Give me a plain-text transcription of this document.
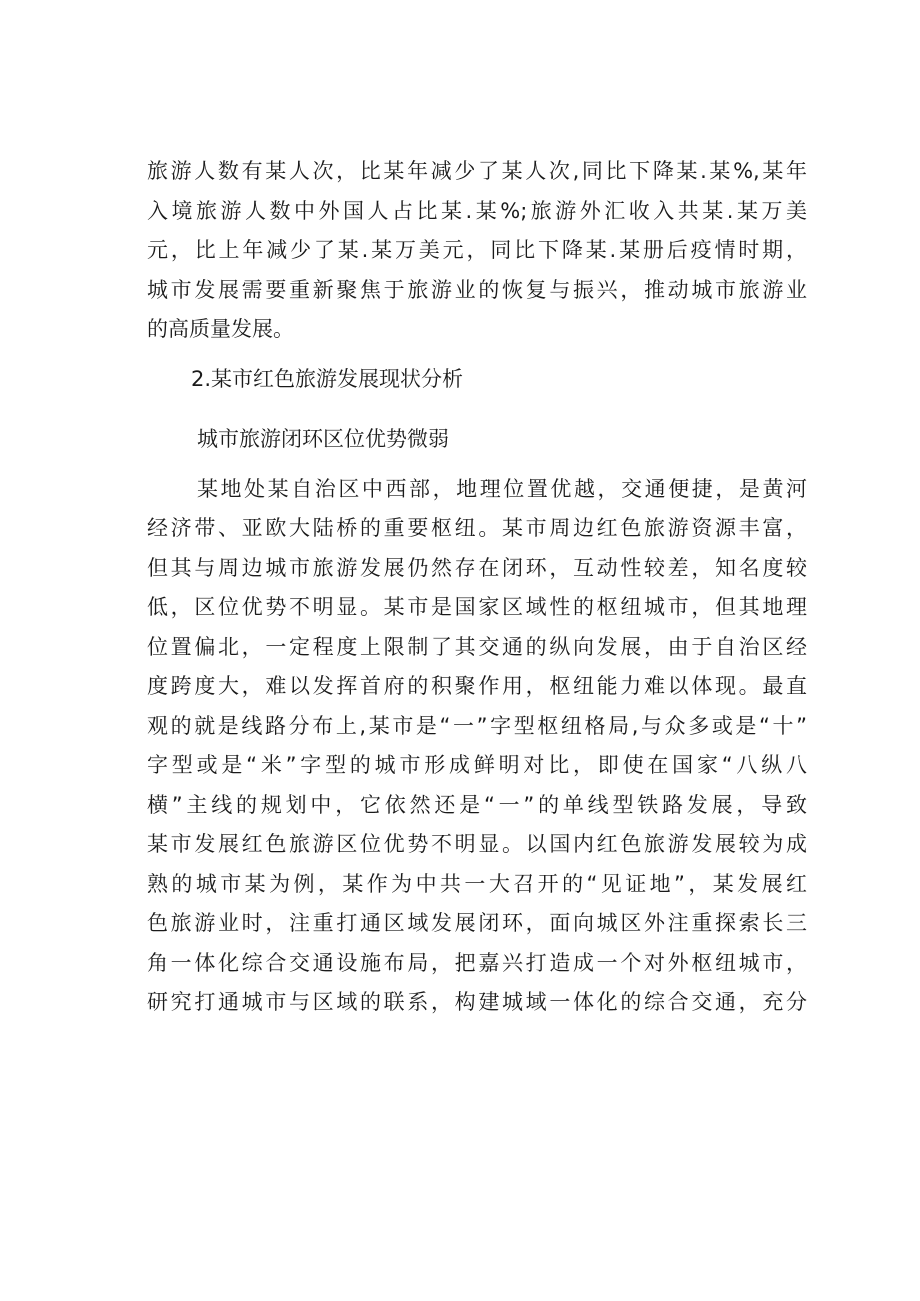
旅游人数有某人次，比某年减少了某人次,同比下降某.某%,某年
入境旅游人数中外国人占比某.某%;旅游外汇收入共某.某万美
元，比上年减少了某.某万美元，同比下降某.某册后疫情时期，
城市发展需要重新聚焦于旅游业的恢复与振兴，推动城市旅游业
的高质量发展。
2.某市红色旅游发展现状分析
城市旅游闭环区位优势微弱
某地处某自治区中西部，地理位置优越，交通便捷，是黄河
经济带、亚欧大陆桥的重要枢纽。某市周边红色旅游资源丰富，
但其与周边城市旅游发展仍然存在闭环，互动性较差，知名度较
低，区位优势不明显。某市是国家区域性的枢纽城市，但其地理
位置偏北，一定程度上限制了其交通的纵向发展，由于自治区经
度跨度大，难以发挥首府的积聚作用，枢纽能力难以体现。最直
观的就是线路分布上,某市是“一”字型枢纽格局,与众多或是“十”
字型或是“米”字型的城市形成鲜明对比，即使在国家“八纵八
横”主线的规划中，它依然还是“一”的单线型铁路发展，导致
某市发展红色旅游区位优势不明显。以国内红色旅游发展较为成
熟的城市某为例，某作为中共一大召开的“见证地”，某发展红
色旅游业时，注重打通区域发展闭环，面向城区外注重探索长三
角一体化综合交通设施布局，把嘉兴打造成一个对外枢纽城市，
研究打通城市与区域的联系，构建城域一体化的综合交通，充分
